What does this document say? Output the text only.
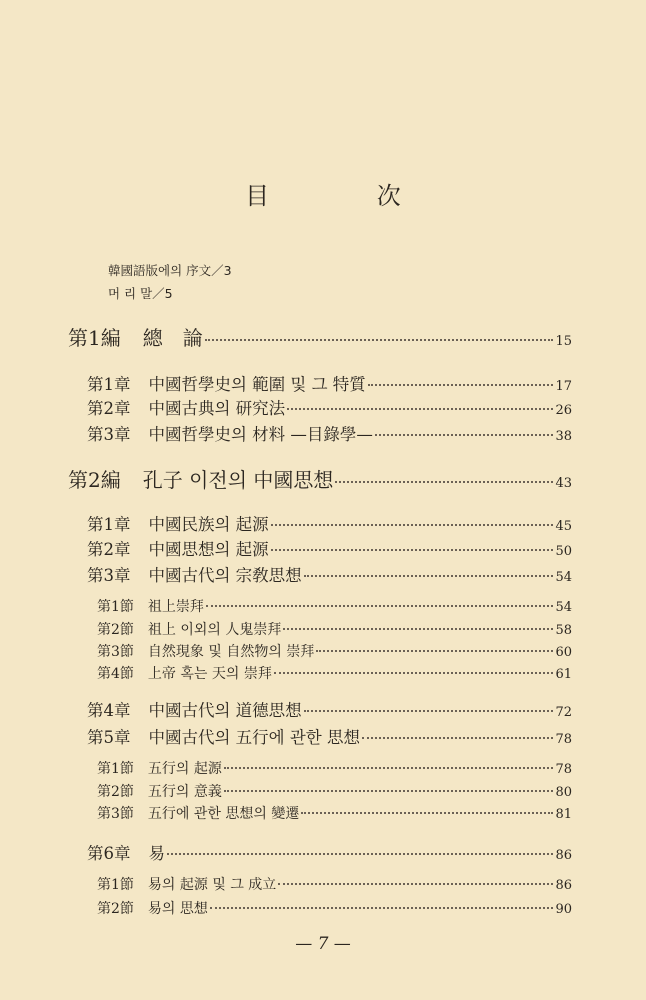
目 次
韓國語版에의 序文／3
머 리 말／5
第1編 總　論	15
第1章 中國哲學史의 範圍 및 그 特質	17
第2章 中國古典의 研究法	26
第3章 中國哲學史의 材料 —目錄學—	38
第2編 孔子 이전의 中國思想	43
第1章 中國民族의 起源	45
第2章 中國思想의 起源	50
第3章 中國古代의 宗敎思想	54
第1節 祖上崇拜	54
第2節 祖上 이외의 人鬼崇拜	58
第3節 自然現象 및 自然物의 崇拜	60
第4節 上帝 혹는 天의 崇拜	61
第4章 中國古代의 道德思想	72
第5章 中國古代의 五行에 관한 思想	78
第1節 五行의 起源	78
第2節 五行의 意義	80
第3節 五行에 관한 思想의 變遷	81
第6章 易	86
第1節 易의 起源 및 그 成立	86
第2節 易의 思想	90
— 7 —
